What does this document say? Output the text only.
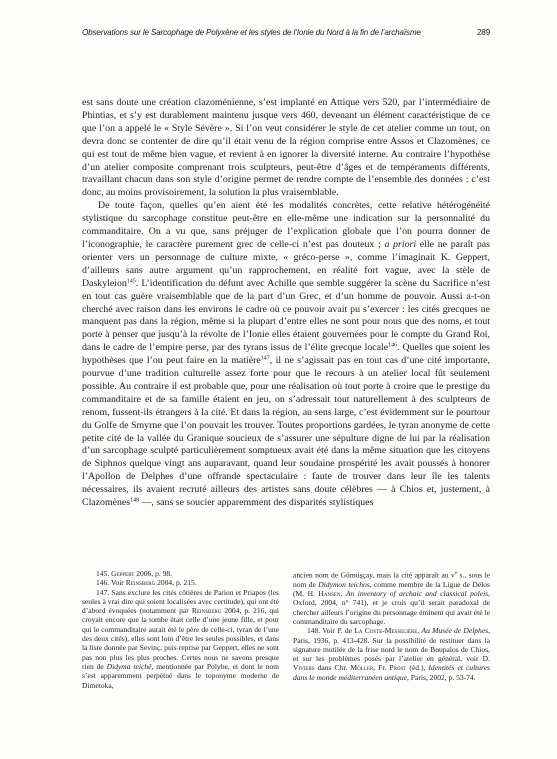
Observations sur le Sarcophage de Polyxène et les styles de l’Ionie du Nord à la fin de l’archaïsme	289

est sans doute une création clazoménienne, s’est implanté en Attique vers 520, par l’intermédiaire de Phintias, et s’y est durablement maintenu jusque vers 460, devenant un élément caractéristique de ce que l’on a appelé le « Style Sévère ». Si l’on veut considérer le style de cet atelier comme un tout, on devra donc se contenter de dire qu’il était venu de la région comprise entre Assos et Clazomènes, ce qui est tout de même bien vague, et revient à en ignorer la diversité interne. Au contraire l’hypothèse d’un atelier composite comprenant trois sculpteurs, peut-être d’âges et de tempéraments différents, travaillant chacun dans son style d’origine permet de rendre compte de l’ensemble des données : c’est donc, au moins provisoirement, la solution la plus vraisemblable.

De toute façon, quelles qu’en aient été les modalités concrètes, cette relative hétérogénéité stylistique du sarcophage constitue peut-être en elle-même une indication sur la personnalité du commanditaire. On a vu que, sans préjuger de l’explication globale que l’on pourra donner de l’iconographie, le caractère purement grec de celle-ci n’est pas douteux ; a priori elle ne paraît pas orienter vers un personnage de culture mixte, « gréco-perse », comme l’imaginait K. Geppert, d’ailleurs sans autre argument qu’un rapprochement, en réalité fort vague, avec la stèle de Daskyleion$^{145}$. L’identification du défunt avec Achille que semble suggérer la scène du Sacrifice n’est en tout cas guère vraisemblable que de la part d’un Grec, et d’un homme de pouvoir. Aussi a-t-on cherché avec raison dans les environs le cadre où ce pouvoir avait pu s’exercer : les cités grecques ne manquent pas dans la région, même si la plupart d’entre elles ne sont pour nous que des noms, et tout porte à penser que jusqu’à la révolte de l’Ionie elles étaient gouvernées pour le compte du Grand Roi, dans le cadre de l’empire perse, par des tyrans issus de l’élite grecque locale$^{146}$. Quelles que soient les hypothèses que l’on peut faire en la matière$^{147}$, il ne s’agissait pas en tout cas d’une cité importante, pourvue d’une tradition culturelle assez forte pour que le recours à un atelier local fût seulement possible. Au contraire il est probable que, pour une réalisation où tout porte à croire que le prestige du commanditaire et de sa famille étaient en jeu, on s’adressait tout naturellement à des sculpteurs de renom, fussent-ils étrangers à la cité. Et dans la région, au sens large, c’est évidemment sur le pourtour du Golfe de Smyrne que l’on pouvait les trouver. Toutes proportions gardées, le tyran anonyme de cette petite cité de la vallée du Granique soucieux de s’assurer une sépulture digne de lui par la réalisation d’un sarcophage sculpté particulièrement somptueux avait été dans la même situation que les citoyens de Siphnos quelque vingt ans auparavant, quand leur soudaine prospérité les avait poussés à honorer l’Apollon de Delphes d’une offrande spectaculaire : faute de trouver dans leur île les talents nécessaires, ils avaient recruté ailleurs des artistes sans doute célèbres — à Chios et, justement, à Clazomènes$^{148}$ —, sans se soucier apparemment des disparités stylistiques

145. Geppert 2006, p. 98.

146. Voir Reinsberg 2004, p. 215.

147. Sans exclure les cités côtières de Parion et Priapos (les seules à vrai dire qui soient localisées avec certitude), qui ont été d’abord évoquées (notamment par Reinsberg 2004, p. 216, qui croyait encore que la tombe était celle d’une jeune fille, et pour qui le commanditaire aurait été le père de celle-ci, tyran de l’une des deux cités), elles sont loin d’être les seules possibles, et dans la liste donnée par Sevinç, puis reprise par Geppert, elles ne sont pas non plus les plus proches. Certes nous ne savons presque rien de Didyma teichê, mentionnée par Polybe, et dont le nom s’est apparemment perpétué dans le toponyme moderne de Dimetoka,

ancien nom de Gümüşçay, mais la cité apparaît au $v^e$ s., sous le nom de Didymon teichos, comme membre de la Ligue de Délos (M. H. Hansen, An inventory of archaic and classical poleis, Oxford, 2004, n° 741), et je crois qu’il serait paradoxal de chercher ailleurs l’origine du personnage éminent qui avait été le commanditaire du sarcophage.

148. Voir P. de La Coste-Messelière, Au Musée de Delphes, Paris, 1936, p. 413-428. Sur la possibilité de restituer dans la signature mutilée de la frise nord le nom de Boupalos de Chios, et sur les problèmes posés par l’atelier en général, voir D. Viviers dans Chr. Möller, Fr. Prost (éd.), Identités et cultures dans le monde méditerranéen antique, Paris, 2002, p. 53-74.
